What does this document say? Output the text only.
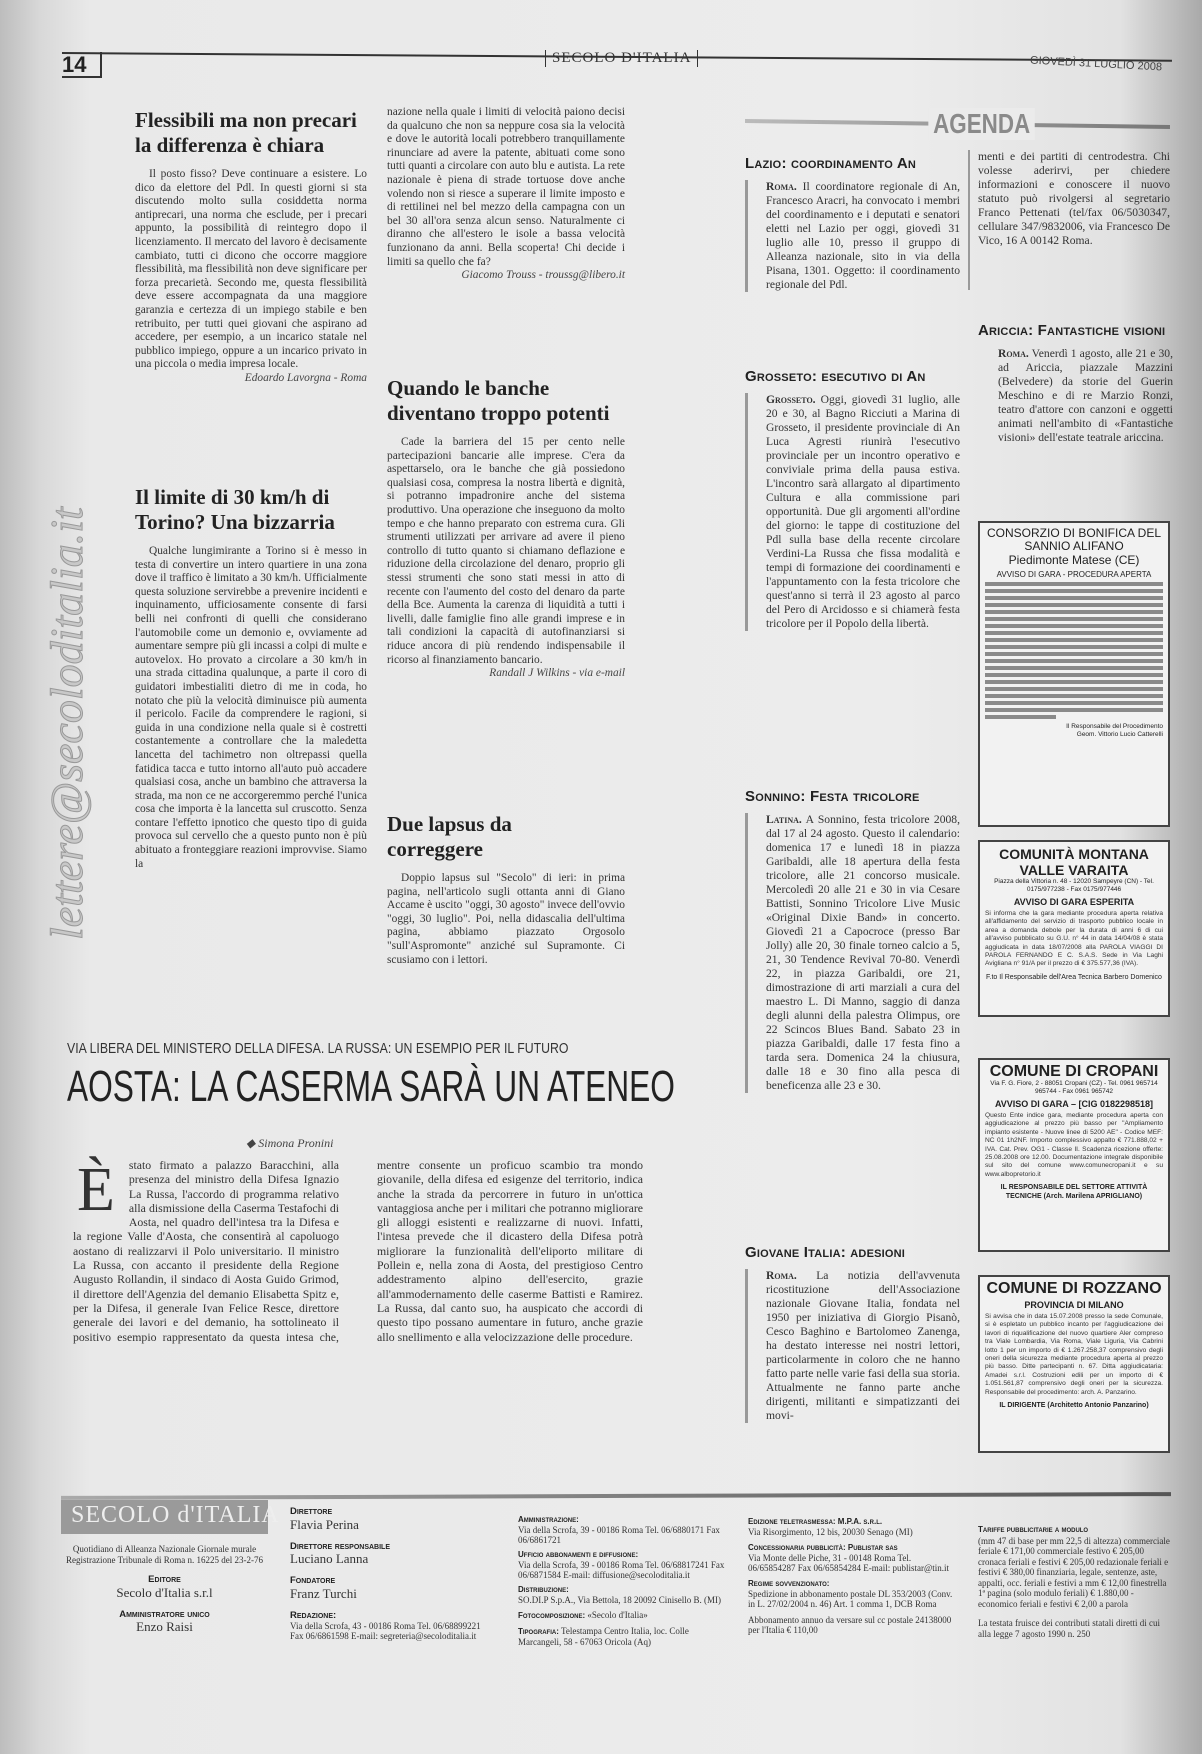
14	SECOLO D'ITALIA	GIOVEDÌ 31 LUGLIO 2008
lettere@secoloditalia.it
Flessibili ma non precari la differenza è chiara

Il posto fisso? Deve continuare a esistere. Lo dico da elettore del Pdl. In questi giorni si sta discutendo molto sulla cosiddetta norma antiprecari, una norma che esclude, per i precari appunto, la possibilità di reintegro dopo il licenziamento. Il mercato del lavoro è decisamente cambiato, tutti ci dicono che occorre maggiore flessibilità, ma flessibilità non deve significare per forza precarietà. Secondo me, questa flessibilità deve essere accompagnata da una maggiore garanzia e certezza di un impiego stabile e ben retribuito, per tutti quei giovani che aspirano ad accedere, per esempio, a un incarico statale nel pubblico impiego, oppure a un incarico privato in una piccola o media impresa locale.

Edoardo Lavorgna - Roma
Il limite di 30 km/h di Torino? Una bizzarria

Qualche lungimirante a Torino si è messo in testa di convertire un intero quartiere in una zona dove il traffico è limitato a 30 km/h. Ufficialmente questa soluzione servirebbe a prevenire incidenti e inquinamento, ufficiosamente consente di farsi belli nei confronti di quelli che considerano l'automobile come un demonio e, ovviamente ad aumentare sempre più gli incassi a colpi di multe e autovelox. Ho provato a circolare a 30 km/h in una strada cittadina qualunque, a parte il coro di guidatori imbestialiti dietro di me in coda, ho notato che più la velocità diminuisce più aumenta il pericolo. Facile da comprendere le ragioni, si guida in una condizione nella quale si è costretti costantemente a controllare che la maledetta lancetta del tachimetro non oltrepassi quella fatidica tacca e tutto intorno all'auto può accadere qualsiasi cosa, anche un bambino che attraversa la strada, ma non ce ne accorgeremmo perché l'unica cosa che importa è la lancetta sul cruscotto. Senza contare l'effetto ipnotico che questo tipo di guida provoca sul cervello che a questo punto non è più abituato a fronteggiare reazioni improvvise. Siamo la

nazione nella quale i limiti di velocità paiono decisi da qualcuno che non sa neppure cosa sia la velocità e dove le autorità locali potrebbero tranquillamente rinunciare ad avere la patente, abituati come sono tutti quanti a circolare con auto blu e autista. La rete nazionale è piena di strade tortuose dove anche volendo non si riesce a superare il limite imposto e di rettilinei nel bel mezzo della campagna con un bel 30 all'ora senza alcun senso. Naturalmente ci diranno che all'estero le isole a bassa velocità funzionano da anni. Bella scoperta! Chi decide i limiti sa quello che fa?
Giacomo Trouss - troussg@libero.it
Quando le banche diventano troppo potenti

Cade la barriera del 15 per cento nelle partecipazioni bancarie alle imprese. C'era da aspettarselo, ora le banche che già possiedono qualsiasi cosa, compresa la nostra libertà e dignità, si potranno impadronire anche del sistema produttivo. Una operazione che inseguono da molto tempo e che hanno preparato con estrema cura. Gli strumenti utilizzati per arrivare ad avere il pieno controllo di tutto quanto si chiamano deflazione e riduzione della circolazione del denaro, proprio gli stessi strumenti che sono stati messi in atto di recente con l'aumento del costo del denaro da parte della Bce. Aumenta la carenza di liquidità a tutti i livelli, dalle famiglie fino alle grandi imprese e in tali condizioni la capacità di autofinanziarsi si riduce ancora di più rendendo indispensabile il ricorso al finanziamento bancario.

Randall J Wilkins - via e-mail
Due lapsus da correggere

Doppio lapsus sul "Secolo" di ieri: in prima pagina, nell'articolo sugli ottanta anni di Giano Accame è uscito "oggi, 30 agosto" invece dell'ovvio "oggi, 30 luglio". Poi, nella didascalia dell'ultima pagina, abbiamo piazzato Orgosolo "sull'Aspromonte" anziché sul Supramonte. Ci scusiamo con i lettori.

VIA LIBERA DEL MINISTERO DELLA DIFESA. LA RUSSA: UN ESEMPIO PER IL FUTURO
AOSTA: LA CASERMA SARÀ UN ATENEO
◆ Simona Pronini
È stato firmato a palazzo Baracchini, alla presenza del ministro della Difesa Ignazio La Russa, l'accordo di programma relativo alla dismissione della Caserma Testafochi di Aosta, nel quadro dell'intesa tra la Difesa e la regione Valle d'Aosta, che consentirà al capoluogo aostano di realizzarvi il Polo universitario. Il ministro La Russa, con accanto il presidente della Regione Augusto Rollandin, il sindaco di Aosta Guido Grimod, il direttore dell'Agenzia del demanio Elisabetta Spitz e, per la Difesa, il generale Ivan Felice Resce, direttore generale dei lavori e del demanio, ha sottolineato il positivo esempio rappresentato da questa intesa che, mentre consente un proficuo scambio tra mondo giovanile, della difesa ed esigenze del territorio, indica anche la strada da percorrere in futuro in un'ottica vantaggiosa anche per i militari che potranno migliorare gli alloggi esistenti e realizzarne di nuovi. Infatti, l'intesa prevede che il dicastero della Difesa potrà migliorare la funzionalità dell'eliporto militare di Pollein e, nella zona di Aosta, del prestigioso Centro addestramento alpino dell'esercito, grazie all'ammodernamento delle caserme Battisti e Ramirez. La Russa, dal canto suo, ha auspicato che accordi di questo tipo possano aumentare in futuro, anche grazie allo snellimento e alla velocizzazione delle procedure.
AGENDA
Lazio: coordinamento An
Roma. Il coordinatore regionale di An, Francesco Aracri, ha convocato i membri del coordinamento e i deputati e senatori eletti nel Lazio per oggi, giovedì 31 luglio alle 10, presso il gruppo di Alleanza nazionale, sito in via della Pisana, 1301. Oggetto: il coordinamento regionale del Pdl.
Grosseto: esecutivo di An
Grosseto. Oggi, giovedì 31 luglio, alle 20 e 30, al Bagno Ricciuti a Marina di Grosseto, il presidente provinciale di An Luca Agresti riunirà l'esecutivo provinciale per un incontro operativo e conviviale prima della pausa estiva. L'incontro sarà allargato al dipartimento Cultura e alla commissione pari opportunità. Due gli argomenti all'ordine del giorno: le tappe di costituzione del Pdl sulla base della recente circolare Verdini-La Russa che fissa modalità e tempi di formazione dei coordinamenti e l'appuntamento con la festa tricolore che quest'anno si terrà il 23 agosto al parco del Pero di Arcidosso e si chiamerà festa tricolore per il Popolo della libertà.
Sonnino: Festa tricolore
Latina. A Sonnino, festa tricolore 2008, dal 17 al 24 agosto. Questo il calendario: domenica 17 e lunedì 18 in piazza Garibaldi, alle 18 apertura della festa tricolore, alle 21 concorso musicale. Mercoledì 20 alle 21 e 30 in via Cesare Battisti, Sonnino Tricolore Live Music «Original Dixie Band» in concerto. Giovedì 21 a Capocroce (presso Bar Jolly) alle 20, 30 finale torneo calcio a 5, 21, 30 Tendence Revival 70-80. Venerdì 22, in piazza Garibaldi, ore 21, dimostrazione di arti marziali a cura del maestro L. Di Manno, saggio di danza degli alunni della palestra Olimpus, ore 22 Scincos Blues Band. Sabato 23 in piazza Garibaldi, dalle 17 festa fino a tarda sera. Domenica 24 la chiusura, dalle 18 e 30 fino alla pesca di beneficenza alle 23 e 30.
Giovane Italia: adesioni
Roma. La notizia dell'avvenuta ricostituzione dell'Associazione nazionale Giovane Italia, fondata nel 1950 per iniziativa di Giorgio Pisanò, Cesco Baghino e Bartolomeo Zanenga, ha destato interesse nei nostri lettori, particolarmente in coloro che ne hanno fatto parte nelle varie fasi della sua storia. Attualmente ne fanno parte anche dirigenti, militanti e simpatizzanti dei movi-
menti e dei partiti di centrodestra. Chi volesse aderirvi, per chiedere informazioni e conoscere il nuovo statuto può rivolgersi al segretario Franco Pettenati (tel/fax 06/5030347, cellulare 347/9832006, via Francesco De Vico, 16 A 00142 Roma.
Ariccia: Fantastiche visioni
Roma. Venerdì 1 agosto, alle 21 e 30, ad Ariccia, piazzale Mazzini (Belvedere) da storie del Guerin Meschino e di re Marzio Ronzi, teatro d'attore con canzoni e oggetti animati nell'ambito di «Fantastiche visioni» dell'estate teatrale ariccina.
CONSORZIO DI BONIFICA DEL SANNIO ALIFANO
Piedimonte Matese (CE)
AVVISO DI GARA - PROCEDURA APERTA
Il Responsabile del Procedimento Geom. Vittorio Lucio Catterelli
COMUNITÀ MONTANA VALLE VARAITA
Piazza della Vittoria n. 48 - 12020 Sampeyre (CN) - Tel. 0175/977238 - Fax 0175/977446
AVVISO DI GARA ESPERITA
Si informa che la gara mediante procedura aperta relativa all'affidamento del servizio di trasporto pubblico locale in area a domanda debole per la durata di anni 6 di cui all'avviso pubblicato su G.U. n° 44 in data 14/04/08 è stata aggiudicata in data 18/07/2008 alla PAROLA VIAGGI DI PAROLA FERNANDO E C. S.A.S. Sede in Via Laghi Avigliana n° 91/A per il prezzo di € 375.577,36 (IVA).
F.to Il Responsabile dell'Area Tecnica Barbero Domenico
COMUNE DI CROPANI
Via F. G. Fiore, 2 - 88051 Cropani (CZ) - Tel. 0961 965714 965744 - Fax 0961 965742
AVVISO DI GARA – [CIG 0182298518]
Questo Ente indice gara, mediante procedura aperta con aggiudicazione al prezzo più basso per "Ampliamento impianto esistente - Nuove linee di 5200 AE" - Codice MEF: NC 01 1h2NF. Importo complessivo appalto € 771.888,02 + IVA. Cat. Prev. OG1 - Classe II. Scadenza ricezione offerte: 25.08.2008 ore 12.00. Documentazione integrale disponibile sul sito del comune www.comunecropani.it e su www.albopretorio.it
IL RESPONSABILE DEL SETTORE ATTIVITÀ TECNICHE (Arch. Marilena APRIGLIANO)
COMUNE DI ROZZANO
PROVINCIA DI MILANO
Si avvisa che in data 15.07.2008 presso la sede Comunale, si è espletato un pubblico incanto per l'aggiudicazione dei lavori di riqualificazione del nuovo quartiere Aler compreso tra Viale Lombardia, Via Roma, Viale Liguria, Via Cabrini lotto 1 per un importo di € 1.267.258,37 comprensivo degli oneri della sicurezza mediante procedura aperta al prezzo più basso. Ditte partecipanti n. 67. Ditta aggiudicataria: Amadei s.r.l. Costruzioni edili per un importo di € 1.051.561,87 comprensivo degli oneri per la sicurezza. Responsabile del procedimento: arch. A. Panzarino.
IL DIRIGENTE (Architetto Antonio Panzarino)
SECOLO d'ITALIA
Quotidiano di Alleanza Nazionale Giornale murale Registrazione Tribunale di Roma n. 16225 del 23-2-76
Editore
Secolo d'Italia s.r.l
Amministratore unico
Enzo Raisi
Direttore
Flavia Perina
Direttore responsabile
Luciano Lanna
Fondatore
Franz Turchi
Redazione:
Via della Scrofa, 43 - 00186 Roma Tel. 06/68899221 Fax 06/6861598 E-mail: segreteria@secoloditalia.it
Amministrazione:
Via della Scrofa, 39 - 00186 Roma Tel. 06/6880171 Fax 06/6861721
Ufficio abbonamenti e diffusione:
Via della Scrofa, 39 - 00186 Roma Tel. 06/68817241 Fax 06/6871584 E-mail: diffusione@secoloditalia.it
Distribuzione:
SO.DI.P S.p.A., Via Bettola, 18 20092 Cinisello B. (MI)
Fotocomposizione: «Secolo d'Italia»
Tipografia: Telestampa Centro Italia, loc. Colle Marcangeli, 58 - 67063 Oricola (Aq)
Edizione teletrasmessa: M.P.A. s.r.l.
Via Risorgimento, 12 bis, 20030 Senago (MI)
Concessionaria pubblicità: Publistar sas
Via Monte delle Piche, 31 - 00148 Roma Tel. 06/65854287 Fax 06/65854284 E-mail: publistar@tin.it
Regime sovvenzionato:
Spedizione in abbonamento postale DL 353/2003 (Conv. in L. 27/02/2004 n. 46) Art. 1 comma 1, DCB Roma
Abbonamento annuo da versare sul cc postale 24138000 per l'Italia € 110,00
Tariffe pubblicitarie a modulo
(mm 47 di base per mm 22,5 di altezza) commerciale feriale € 171,00 commerciale festivo € 205,00 cronaca feriali e festivi € 205,00 redazionale feriali e festivi € 380,00 finanziaria, legale, sentenze, aste, appalti, occ. feriali e festivi a mm € 12,00 finestrella 1ª pagina (solo modulo feriali) € 1.880,00 - economico feriali e festivi € 2,00 a parola
La testata fruisce dei contributi statali diretti di cui alla legge 7 agosto 1990 n. 250
